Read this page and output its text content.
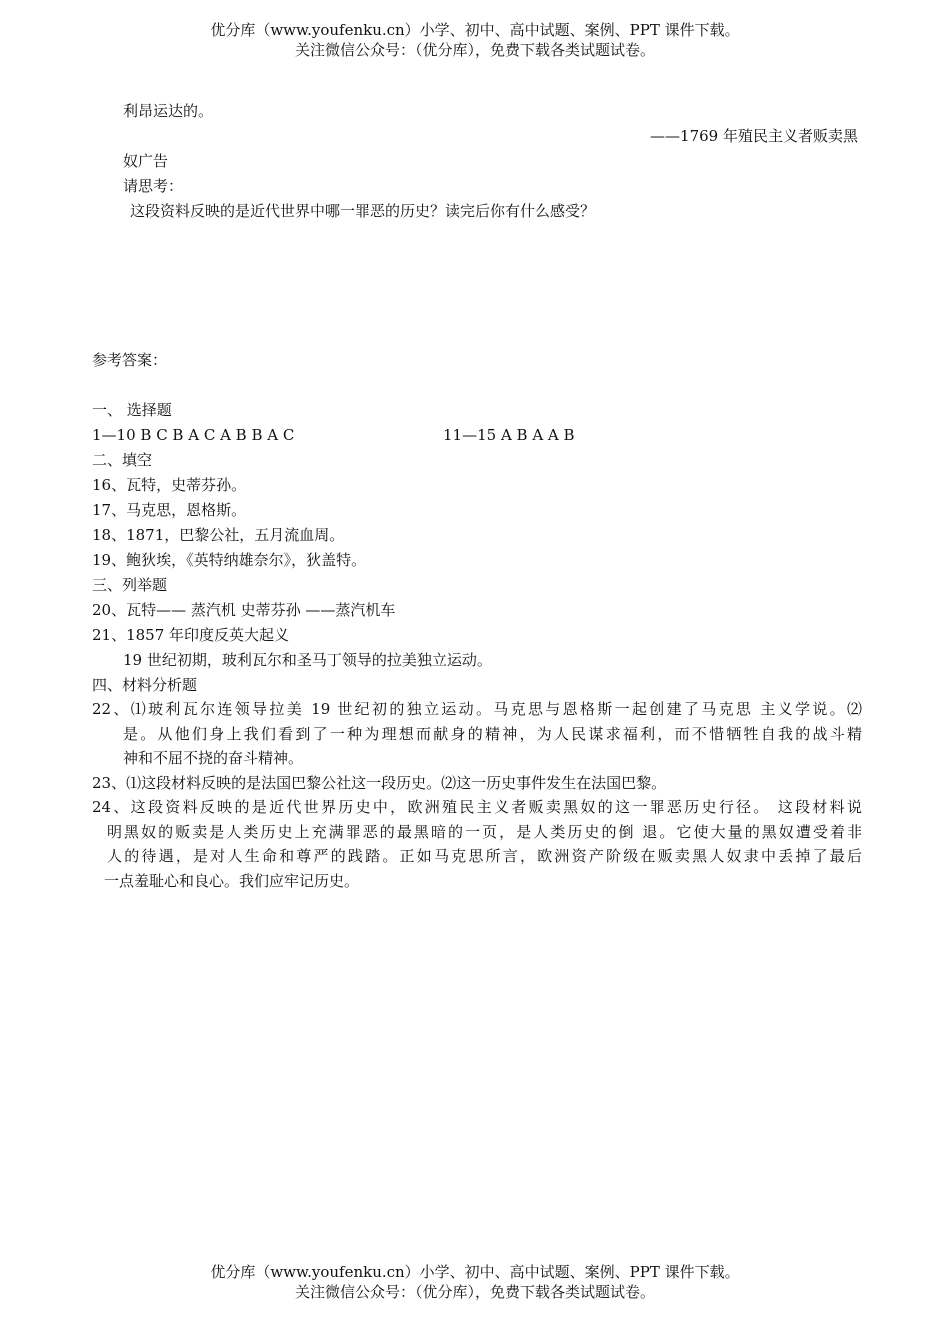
优分库（www.youfenku.cn）小学、初中、高中试题、案例、PPT 课件下载。
关注微信公众号：（优分库），免费下载各类试题试卷。
利昂运达的。
——1769 年殖民主义者贩卖黑
奴广告
请思考：
这段资料反映的是近代世界中哪一罪恶的历史？读完后你有什么感受？
参考答案：
一、 选择题
1—10 B C B A C A B B A C	11—15 A B A A B
二、填空
16、瓦特，史蒂芬孙。
17、马克思，恩格斯。
18、1871，巴黎公社，五月流血周。
19、鲍狄埃，《英特纳雄奈尔》，狄盖特。
三、列举题
20、瓦特—— 蒸汽机 史蒂芬孙 ——蒸汽机车
21、1857 年印度反英大起义
19 世纪初期，玻利瓦尔和圣马丁领导的拉美独立运动。
四、材料分析题
22、⑴玻利瓦尔连领导拉美 19 世纪初的独立运动。马克思与恩格斯一起创建了马克思 主义学说。⑵
是。从他们身上我们看到了一种为理想而献身的精神，为人民谋求福利，而不惜牺牲自我的战斗精
神和不屈不挠的奋斗精神。
23、⑴这段材料反映的是法国巴黎公社这一段历史。⑵这一历史事件发生在法国巴黎。
24、这段资料反映的是近代世界历史中，欧洲殖民主义者贩卖黑奴的这一罪恶历史行径。 这段材料说
明黑奴的贩卖是人类历史上充满罪恶的最黑暗的一页，是人类历史的倒 退。它使大量的黑奴遭受着非
人的待遇，是对人生命和尊严的践踏。正如马克思所言，欧洲资产阶级在贩卖黑人奴隶中丢掉了最后
一点羞耻心和良心。我们应牢记历史。
优分库（www.youfenku.cn）小学、初中、高中试题、案例、PPT 课件下载。
关注微信公众号：（优分库），免费下载各类试题试卷。
